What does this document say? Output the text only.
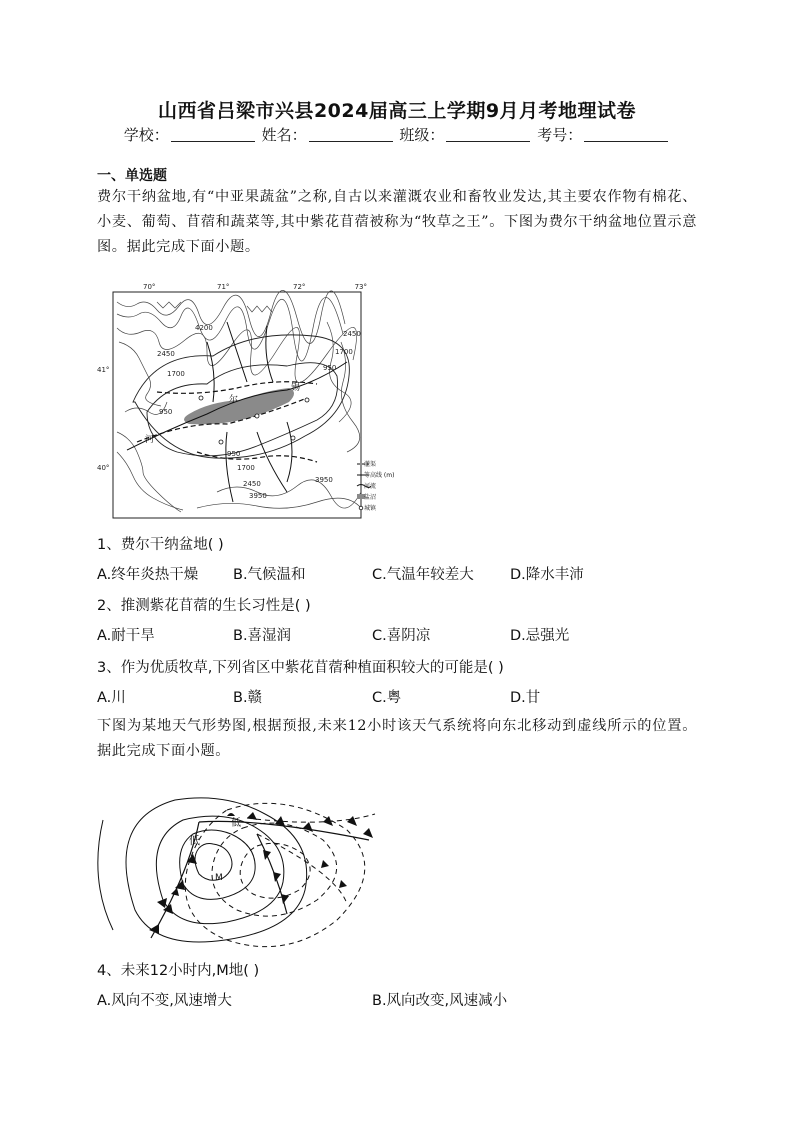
山西省吕梁市兴县2024届高三上学期9月月考地理试卷
学校：	姓名：	班级：	考号：
一、单选题
费尔干纳盆地,有“中亚果蔬盆”之称,自古以来灌溉农业和畜牧业发达,其主要农作物有棉花、小麦、葡萄、苜蓿和蔬菜等,其中紫花苜蓿被称为“牧草之王”。下图为费尔干纳盆地位置示意图。据此完成下面小题。
70°	71°	72°	73°
41°
40°
4200
2450
1700
950
2450
1700
950
1700
950
2450
3950
3950
尔
锡
河
灌渠
等高线 (m)
河流
盐沼
城镇
1、费尔干纳盆地( )
A.终年炎热干燥 B.气候温和	C.气温年较差大	D.降水丰沛
2、推测紫花苜蓿的生长习性是( )
A.耐干旱	B.喜湿润	C.喜阴凉	D.忌强光
3、作为优质牧草,下列省区中紫花苜蓿种植面积较大的可能是( )
A.川	B.赣	C.粤	D.甘
下图为某地天气形势图,根据预报,未来12小时该天气系统将向东北移动到虚线所示的位置。据此完成下面小题。
低
低
M
4、未来12小时内,M地( )
A.风向不变,风速增大	B.风向改变,风速减小
